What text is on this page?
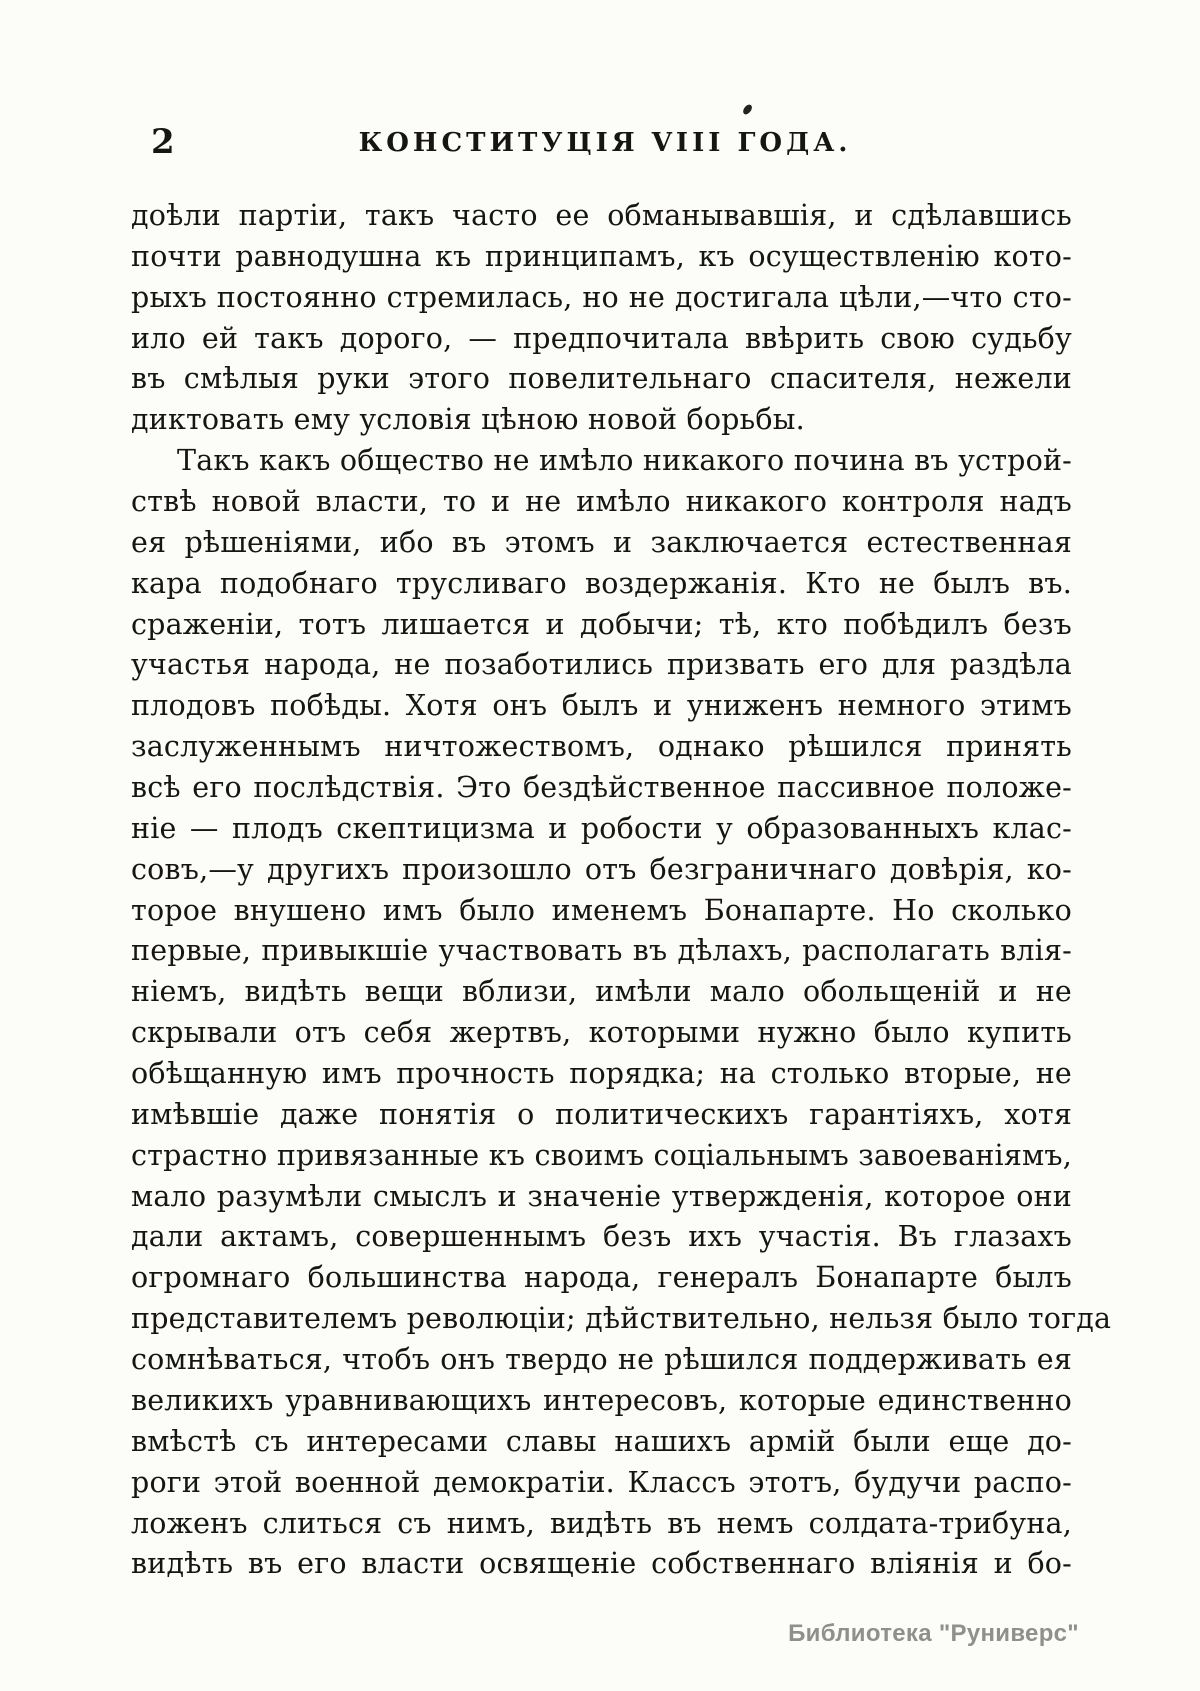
2	КОНСТИТУЦІЯ VIII ГОДА.
доѣли партіи, такъ часто ее обманывавшія, и сдѣлавшись
почти равнодушна къ принципамъ, къ осуществленію кото-
рыхъ постоянно стремилась, но не достигала цѣли,—что сто-
ило ей такъ дорого, — предпочитала ввѣрить свою судьбу
въ смѣлыя руки этого повелительнаго спасителя, нежели
диктовать ему условія цѣною новой борьбы.
Такъ какъ общество не имѣло никакого почина въ устрой-
ствѣ новой власти, то и не имѣло никакого контроля надъ
ея рѣшеніями, ибо въ этомъ и заключается естественная
кара подобнаго трусливаго воздержанія. Кто не былъ въ.
сраженіи, тотъ лишается и добычи; тѣ, кто побѣдилъ безъ
участья народа, не позаботились призвать его для раздѣла
плодовъ побѣды. Хотя онъ былъ и униженъ немного этимъ
заслуженнымъ ничтожествомъ, однако рѣшился принять
всѣ его послѣдствія. Это бездѣйственное пассивное положе-
ніе — плодъ скептицизма и робости у образованныхъ клас-
совъ,—у другихъ произошло отъ безграничнаго довѣрія, ко-
торое внушено имъ было именемъ Бонапарте. Но сколько
первые, привыкшіе участвовать въ дѣлахъ, располагать влія-
ніемъ, видѣть вещи вблизи, имѣли мало обольщеній и не
скрывали отъ себя жертвъ, которыми нужно было купить
обѣщанную имъ прочность порядка; на столько вторые, не
имѣвшіе даже понятія о политическихъ гарантіяхъ, хотя
страстно привязанные къ своимъ соціальнымъ завоеваніямъ,
мало разумѣли смыслъ и значеніе утвержденія, которое они
дали актамъ, совершеннымъ безъ ихъ участія. Въ глазахъ
огромнаго большинства народа, генералъ Бонапарте былъ
представителемъ революціи; дѣйствительно, нельзя было тогда
сомнѣваться, чтобъ онъ твердо не рѣшился поддерживать ея
великихъ уравнивающихъ интересовъ, которые единственно
вмѣстѣ съ интересами славы нашихъ армій были еще до-
роги этой военной демократіи. Классъ этотъ, будучи распо-
ложенъ слиться съ нимъ, видѣть въ немъ солдата-трибуна,
видѣть въ его власти освященіе собственнаго вліянія и бо-
Библиотека "Руниверс"
